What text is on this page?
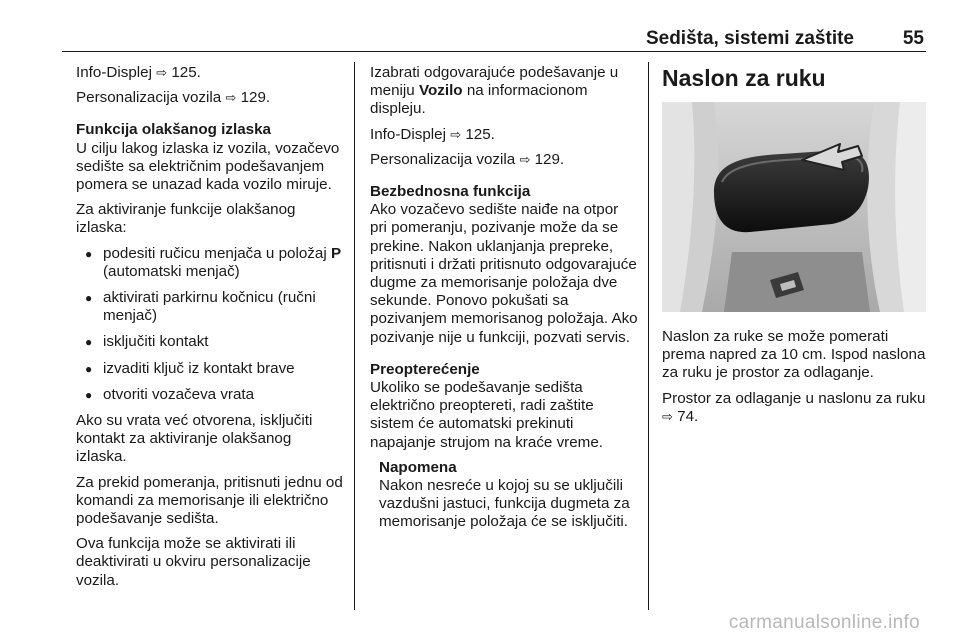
Sedišta, sistemi zaštite	55

Info-Displej ⇨ 125.

Personalizacija vozila ⇨ 129.

Funkcija olakšanog izlaska

U cilju lakog izlaska iz vozila, vozačevo sedište sa električnim podešavanjem pomera se unazad kada vozilo miruje.

Za aktiviranje funkcije olakšanog izlaska:

● podesiti ručicu menjača u položaj P (automatski menjač)
● aktivirati parkirnu kočnicu (ručni menjač)
● isključiti kontakt
● izvaditi ključ iz kontakt brave
● otvoriti vozačeva vrata

Ako su vrata već otvorena, isključiti kontakt za aktiviranje olakšanog izlaska.

Za prekid pomeranja, pritisnuti jednu od komandi za memorisanje ili električno podešavanje sedišta.

Ova funkcija može se aktivirati ili deaktivirati u okviru personalizacije vozila.

Izabrati odgovarajuće podešavanje u meniju Vozilo na informacionom displeju.

Info-Displej ⇨ 125.

Personalizacija vozila ⇨ 129.

Bezbednosna funkcija

Ako vozačevo sedište naiđe na otpor pri pomeranju, pozivanje može da se prekine. Nakon uklanjanja prepreke, pritisnuti i držati pritisnuto odgovarajuće dugme za memorisanje položaja dve sekunde. Ponovo pokušati sa pozivanjem memorisanog položaja. Ako pozivanje nije u funkciji, pozvati servis.

Preopterećenje

Ukoliko se podešavanje sedišta električno preoptereti, radi zaštite sistem će automatski prekinuti napajanje strujom na kraće vreme.

Napomena

Nakon nesreće u kojoj su se uključili vazdušni jastuci, funkcija dugmeta za memorisanje položaja će se isključiti.

Naslon za ruku

Naslon za ruke se može pomerati prema napred za 10 cm. Ispod naslona za ruku je prostor za odlaganje.

Prostor za odlaganje u naslonu za ruku ⇨ 74.

carmanualsonline.info
